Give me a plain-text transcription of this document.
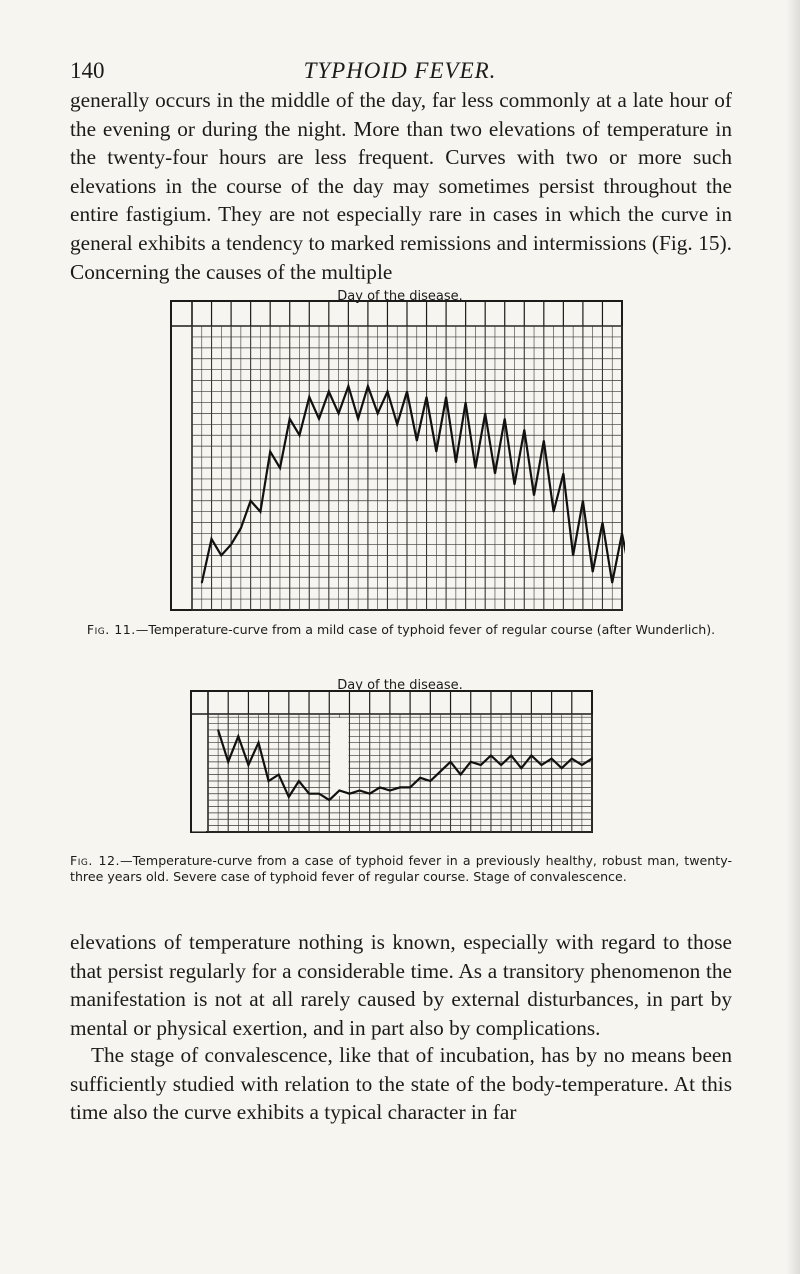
140	TYPHOID FEVER.

generally occurs in the middle of the day, far less commonly at a late hour of the evening or during the night. More than two elevations of temperature in the twenty-four hours are less frequent. Curves with two or more such elevations in the course of the day may sometimes persist throughout the entire fastigium. They are not especially rare in cases in which the curve in general exhibits a tendency to marked remissions and intermissions (Fig. 15). Concerning the causes of the multiple

Day of the disease.

Fig. 11.—Temperature-curve from a mild case of typhoid fever of regular course (after Wunderlich).

Day of the disease.

Fig. 12.—Temperature-curve from a case of typhoid fever in a previously healthy, robust man, twenty-three years old. Severe case of typhoid fever of regular course. Stage of convalescence.

elevations of temperature nothing is known, especially with regard to those that persist regularly for a considerable time. As a transitory phenomenon the manifestation is not at all rarely caused by external disturbances, in part by mental or physical exertion, and in part also by complications.

The stage of convalescence, like that of incubation, has by no means been sufficiently studied with relation to the state of the body-temperature. At this time also the curve exhibits a typical character in far
